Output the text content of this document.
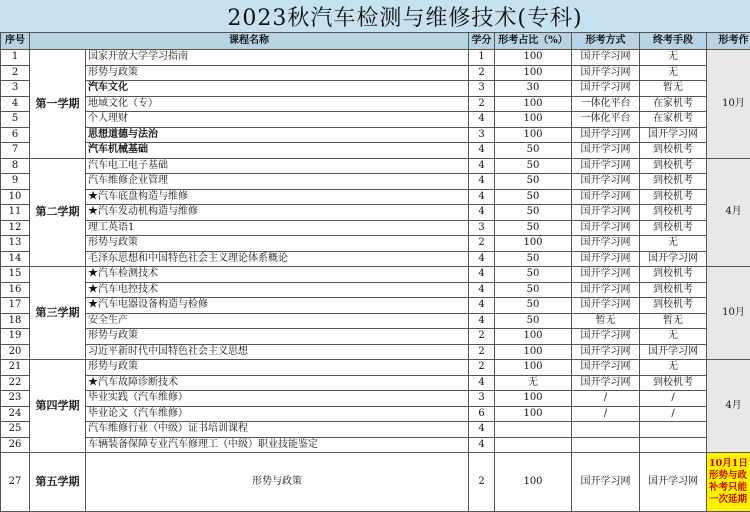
2023秋汽车检测与维修技术(专科)
序号	课程名称		学分	形考占比（%）	形考方式	终考手段	形考作
1	第一学期	国家开放大学学习指南	1	100	国开学习网	无	10月
2		形势与政策	2	100	国开学习网	无	
3		汽车文化	3	30	国开学习网	暂无	
4		地域文化（专）	2	100	一体化平台	在家机考	
5		个人理财	4	100	一体化平台	在家机考	
6		思想道德与法治	3	100	国开学习网	国开学习网	
7		汽车机械基础	4	50	国开学习网	到校机考	
8	第二学期	汽车电工电子基础	4	50	国开学习网	到校机考	4月
9		汽车维修企业管理	4	50	国开学习网	到校机考	
10		★汽车底盘构造与维修	4	50	国开学习网	到校机考	
11		★汽车发动机构造与维修	4	50	国开学习网	到校机考	
12		理工英语1	3	50	国开学习网	到校机考	
13		形势与政策	2	100	国开学习网	无	
14		毛泽东思想和中国特色社会主义理论体系概论	4	50	国开学习网	国开学习网	
15	第三学期	★汽车检测技术	4	50	国开学习网	到校机考	10月
16		★汽车电控技术	4	50	国开学习网	到校机考	
17		★汽车电器设备构造与检修	4	50	国开学习网	到校机考	
18		安全生产	4	50	暂无	暂无	
19		形势与政策	2	100	国开学习网	无	
20		习近平新时代中国特色社会主义思想	2	100	国开学习网	国开学习网	
21	第四学期	形势与政策	2	100	国开学习网	无	4月
22		★汽车故障诊断技术	4	无	国开学习网	到校机考	
23		毕业实践（汽车维修）	3	100	/	/	
24		毕业论文（汽车维修）	6	100	/	/	
25		汽车维修行业（中级）证书培训课程	4				
26		车辆装备保障专业汽车修理工（中级）职业技能鉴定	4				
27	第五学期	形势与政策	2	100	国开学习网	国开学习网	10月1日
形势与政
补考只能
一次延期
